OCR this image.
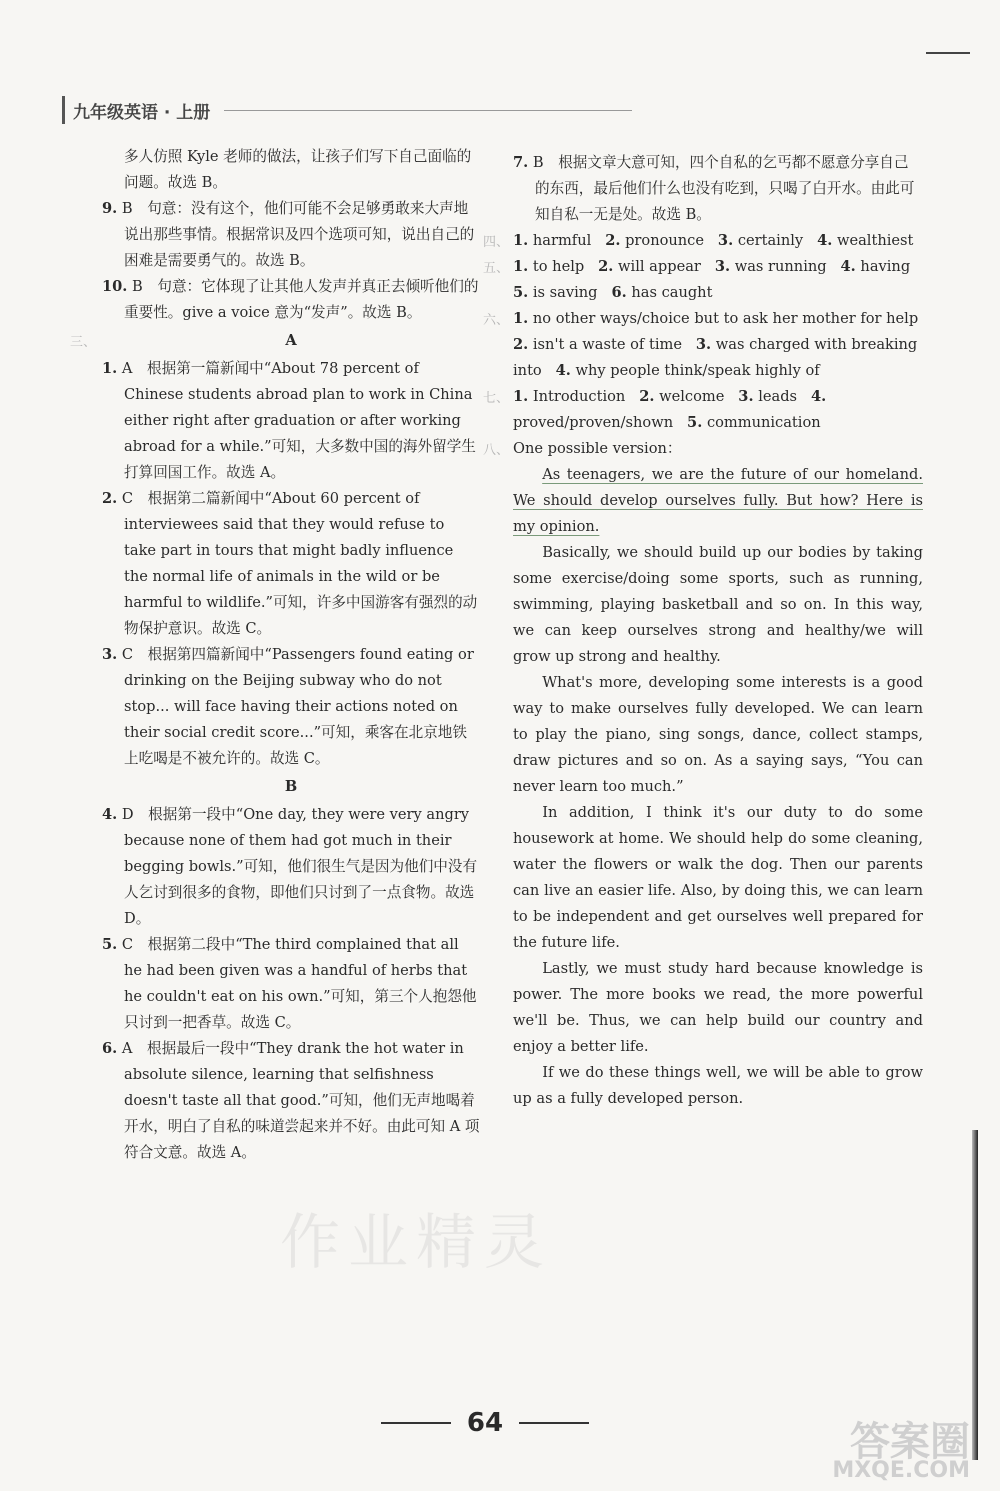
九年级英语 · 上册

多人仿照 Kyle 老师的做法，让孩子们写下自己面临的问题。故选 B。

9. B　句意：没有这个，他们可能不会足够勇敢来大声地说出那些事情。根据常识及四个选项可知，说出自己的困难是需要勇气的。故选 B。

10. B　句意：它体现了让其他人发声并真正去倾听他们的重要性。give a voice 意为“发声”。故选 B。

三、	A

1. A　根据第一篇新闻中“About 78 percent of Chinese students abroad plan to work in China either right after graduation or after working abroad for a while.”可知，大多数中国的海外留学生打算回国工作。故选 A。

2. C　根据第二篇新闻中“About 60 percent of interviewees said that they would refuse to take part in tours that might badly influence the normal life of animals in the wild or be harmful to wildlife.”可知，许多中国游客有强烈的动物保护意识。故选 C。

3. C　根据第四篇新闻中“Passengers found eating or drinking on the Beijing subway who do not stop... will face having their actions noted on their social credit score...”可知，乘客在北京地铁上吃喝是不被允许的。故选 C。

B

4. D　根据第一段中“One day, they were very angry because none of them had got much in their begging bowls.”可知，他们很生气是因为他们中没有人乞讨到很多的食物，即他们只讨到了一点食物。故选 D。

5. C　根据第二段中“The third complained that all he had been given was a handful of herbs that he couldn't eat on his own.”可知，第三个人抱怨他只讨到一把香草。故选 C。

6. A　根据最后一段中“They drank the hot water in absolute silence, learning that selfishness doesn't taste all that good.”可知，他们无声地喝着开水，明白了自私的味道尝起来并不好。由此可知 A 项符合文意。故选 A。

7. B　根据文章大意可知，四个自私的乞丐都不愿意分享自己的东西，最后他们什么也没有吃到，只喝了白开水。由此可知自私一无是处。故选 B。

四、 1. harmful 2. pronounce 3. certainly 4. wealthiest
五、 1. to help 2. will appear 3. was running 4. having
5. is saving 6. has caught
六、 1. no other ways/choice but to ask her mother for help
2. isn't a waste of time 3. was charged with breaking into 4. why people think/speak highly of
七、 1. Introduction 2. welcome 3. leads 4. proved/proven/shown 5. communication
八、 One possible version：

As teenagers, we are the future of our homeland. We should develop ourselves fully. But how? Here is my opinion.

Basically, we should build up our bodies by taking some exercise/doing some sports, such as running, swimming, playing basketball and so on. In this way, we can keep ourselves strong and healthy/we will grow up strong and healthy.

What's more, developing some interests is a good way to make ourselves fully developed. We can learn to play the piano, sing songs, dance, collect stamps, draw pictures and so on. As a saying says, “You can never learn too much.”

In addition, I think it's our duty to do some housework at home. We should help do some cleaning, water the flowers or walk the dog. Then our parents can live an easier life. Also, by doing this, we can learn to be independent and get ourselves well prepared for the future life.

Lastly, we must study hard because knowledge is power. The more books we read, the more powerful we'll be. Thus, we can help build our country and enjoy a better life.

If we do these things well, we will be able to grow up as a fully developed person.

作业精灵
64	答案圈
MXQE.COM
